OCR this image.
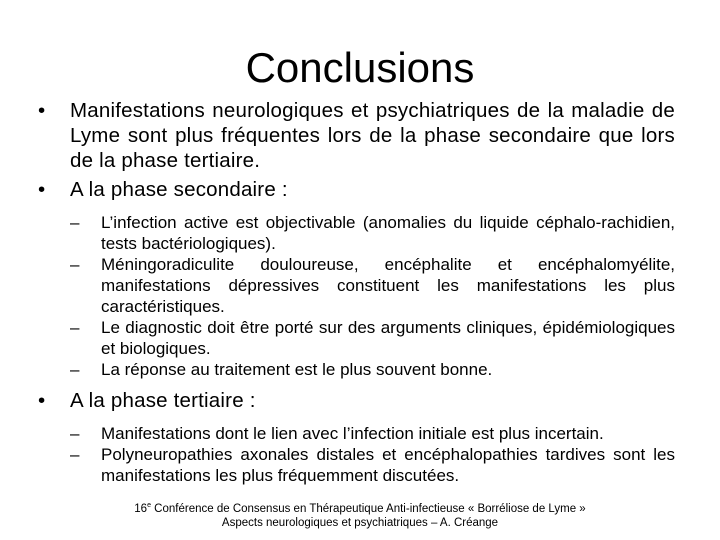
Conclusions
• Manifestations neurologiques et psychiatriques de la maladie de Lyme sont plus fréquentes lors de la phase secondaire que lors de la phase tertiaire.
• A la phase secondaire :
– L’infection active est objectivable (anomalies du liquide céphalo-rachidien, tests bactériologiques).
– Méningoradiculite douloureuse, encéphalite et encéphalomyélite, manifestations dépressives constituent les manifestations les plus caractéristiques.
– Le diagnostic doit être porté sur des arguments cliniques, épidémiologiques et biologiques.
– La réponse au traitement est le plus souvent bonne.
• A la phase tertiaire :
– Manifestations dont le lien avec l’infection initiale est plus incertain.
– Polyneuropathies axonales distales et encéphalopathies tardives sont les manifestations les plus fréquemment discutées.
16e Conférence de Consensus en Thérapeutique Anti-infectieuse « Borréliose de Lyme »
Aspects neurologiques et psychiatriques – A. Créange
